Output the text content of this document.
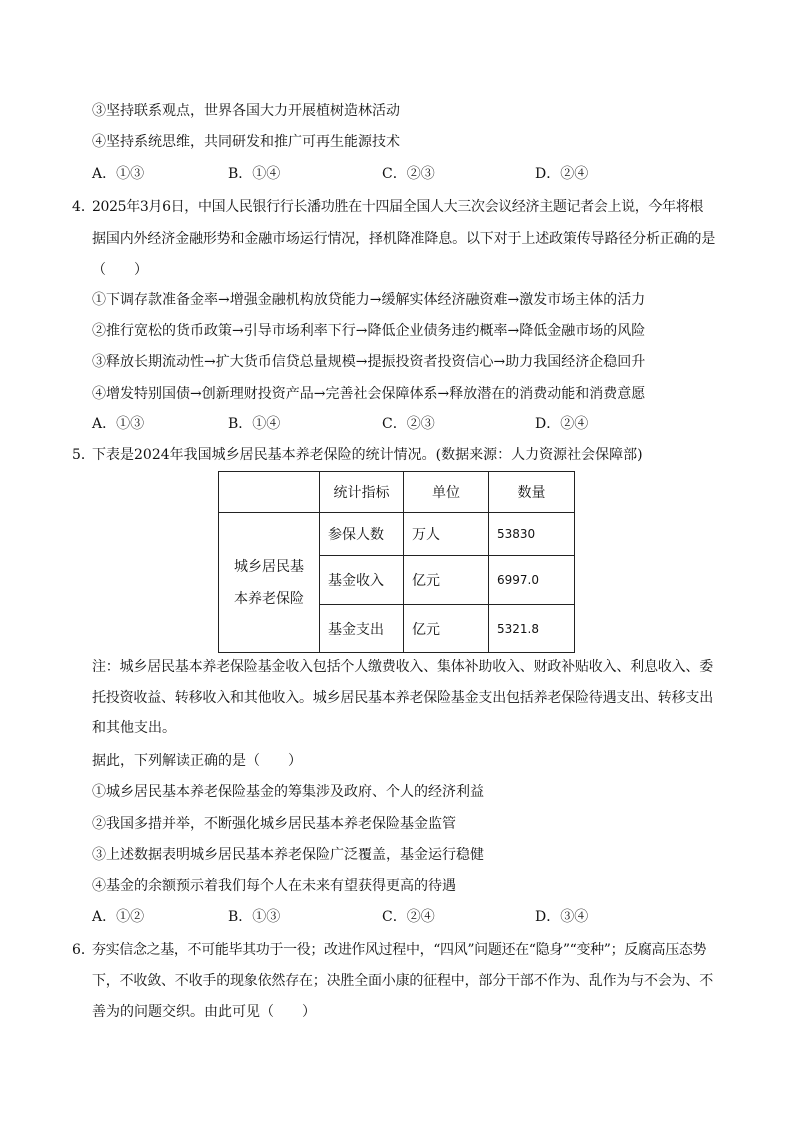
③坚持联系观点，世界各国大力开展植树造林活动
④坚持系统思维，共同研发和推广可再生能源技术
A．①③	B．①④	C．②③	D．②④
4．
2025年3月6日，中国人民银行行长潘功胜在十四届全国人大三次会议经济主题记者会上说，今年将根
据国内外经济金融形势和金融市场运行情况，择机降准降息。以下对于上述政策传导路径分析正确的是
（　　）
①下调存款准备金率→增强金融机构放贷能力→缓解实体经济融资难→激发市场主体的活力
②推行宽松的货币政策→引导市场利率下行→降低企业债务违约概率→降低金融市场的风险
③释放长期流动性→扩大货币信贷总量规模→提振投资者投资信心→助力我国经济企稳回升
④增发特别国债→创新理财投资产品→完善社会保障体系→释放潜在的消费动能和消费意愿
A．①③	B．①④	C．②③	D．②④
5．
下表是2024年我国城乡居民基本养老保险的统计情况。(数据来源：人力资源社会保障部)
	统计指标	单位	数量

城乡居民基
本养老保险	参保人数	万人	53830
	基金收入	亿元	6997.0
	基金支出	亿元	5321.8
注：城乡居民基本养老保险基金收入包括个人缴费收入、集体补助收入、财政补贴收入、利息收入、委
托投资收益、转移收入和其他收入。城乡居民基本养老保险基金支出包括养老保险待遇支出、转移支出
和其他支出。
据此，下列解读正确的是（　　）
①城乡居民基本养老保险基金的筹集涉及政府、个人的经济利益
②我国多措并举，不断强化城乡居民基本养老保险基金监管
③上述数据表明城乡居民基本养老保险广泛覆盖，基金运行稳健
④基金的余额预示着我们每个人在未来有望获得更高的待遇
A．①②	B．①③	C．②④	D．③④
6．
夯实信念之基，不可能毕其功于一役；改进作风过程中，“四风”问题还在“隐身”“变种”；反腐高压态势
下，不收敛、不收手的现象依然存在；决胜全面小康的征程中，部分干部不作为、乱作为与不会为、不
善为的问题交织。由此可见（　　）
